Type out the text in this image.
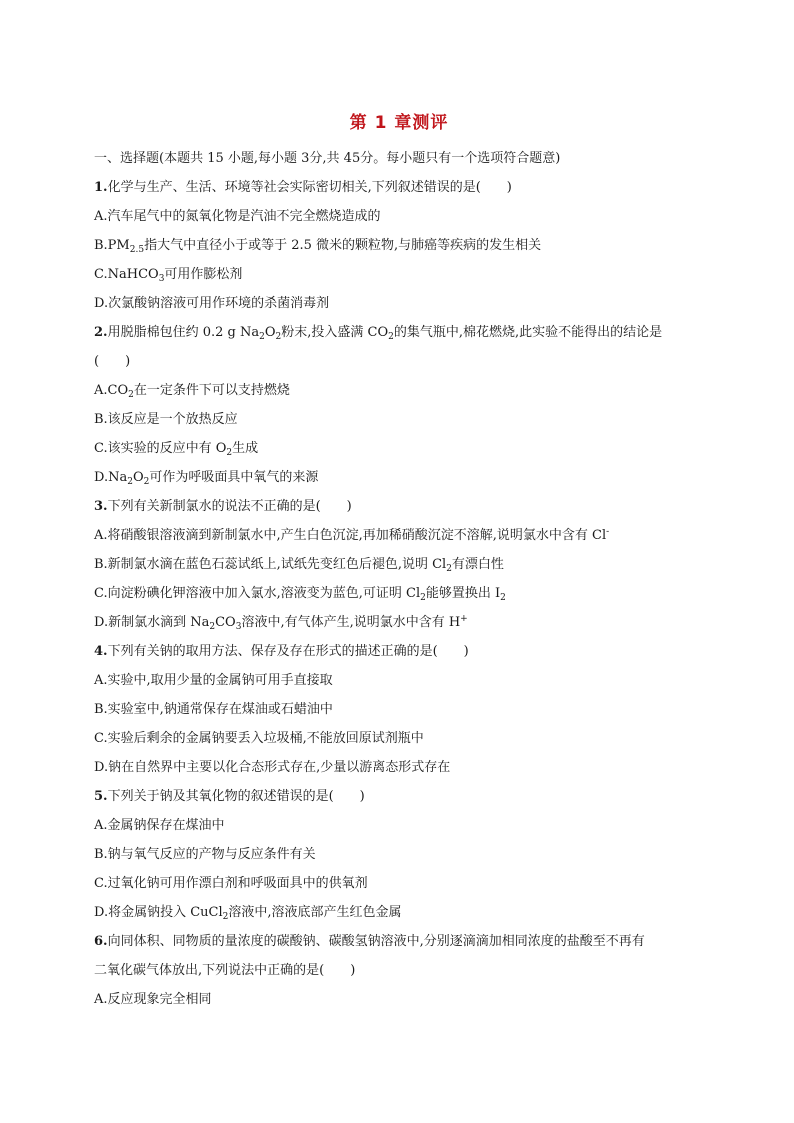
第 1 章测评
一、选择题(本题共 15 小题,每小题 3分,共 45分。每小题只有一个选项符合题意)
1.化学与生产、生活、环境等社会实际密切相关,下列叙述错误的是(　　)
A.汽车尾气中的氮氧化物是汽油不完全燃烧造成的
$B.PM_{2.5}$指大气中直径小于或等于 2.5 微米的颗粒物,与肺癌等疾病的发生相关
C.NaHCO$_3$可用作膨松剂
D.次氯酸钠溶液可用作环境的杀菌消毒剂
2.用脱脂棉包住约 0.2 g $Na_2O_2$粉末,投入盛满 $CO_2$的集气瓶中,棉花燃烧,此实验不能得出的结论是
(　　)
$A.CO_2$在一定条件下可以支持燃烧
B.该反应是一个放热反应
C.该实验的反应中有 $O_2$生成
$D.Na_2O_2$可作为呼吸面具中氧气的来源
3.下列有关新制氯水的说法不正确的是(　　)
A.将硝酸银溶液滴到新制氯水中,产生白色沉淀,再加稀硝酸沉淀不溶解,说明氯水中含有 Cl-
B.新制氯水滴在蓝色石蕊试纸上,试纸先变红色后褪色,说明 $Cl_2$有漂白性
C.向淀粉碘化钾溶液中加入氯水,溶液变为蓝色,可证明 $Cl_2$能够置换出 $I_2$
D.新制氯水滴到 $Na_2CO_3$溶液中,有气体产生,说明氯水中含有 H+
4.下列有关钠的取用方法、保存及存在形式的描述正确的是(　　)
A.实验中,取用少量的金属钠可用手直接取
B.实验室中,钠通常保存在煤油或石蜡油中
C.实验后剩余的金属钠要丢入垃圾桶,不能放回原试剂瓶中
D.钠在自然界中主要以化合态形式存在,少量以游离态形式存在
5.下列关于钠及其氧化物的叙述错误的是(　　)
A.金属钠保存在煤油中
B.钠与氧气反应的产物与反应条件有关
C.过氧化钠可用作漂白剂和呼吸面具中的供氧剂
D.将金属钠投入 CuCl$_2$溶液中,溶液底部产生红色金属
6.向同体积、同物质的量浓度的碳酸钠、碳酸氢钠溶液中,分别逐滴滴加相同浓度的盐酸至不再有
二氧化碳气体放出,下列说法中正确的是(　　)
A.反应现象完全相同
